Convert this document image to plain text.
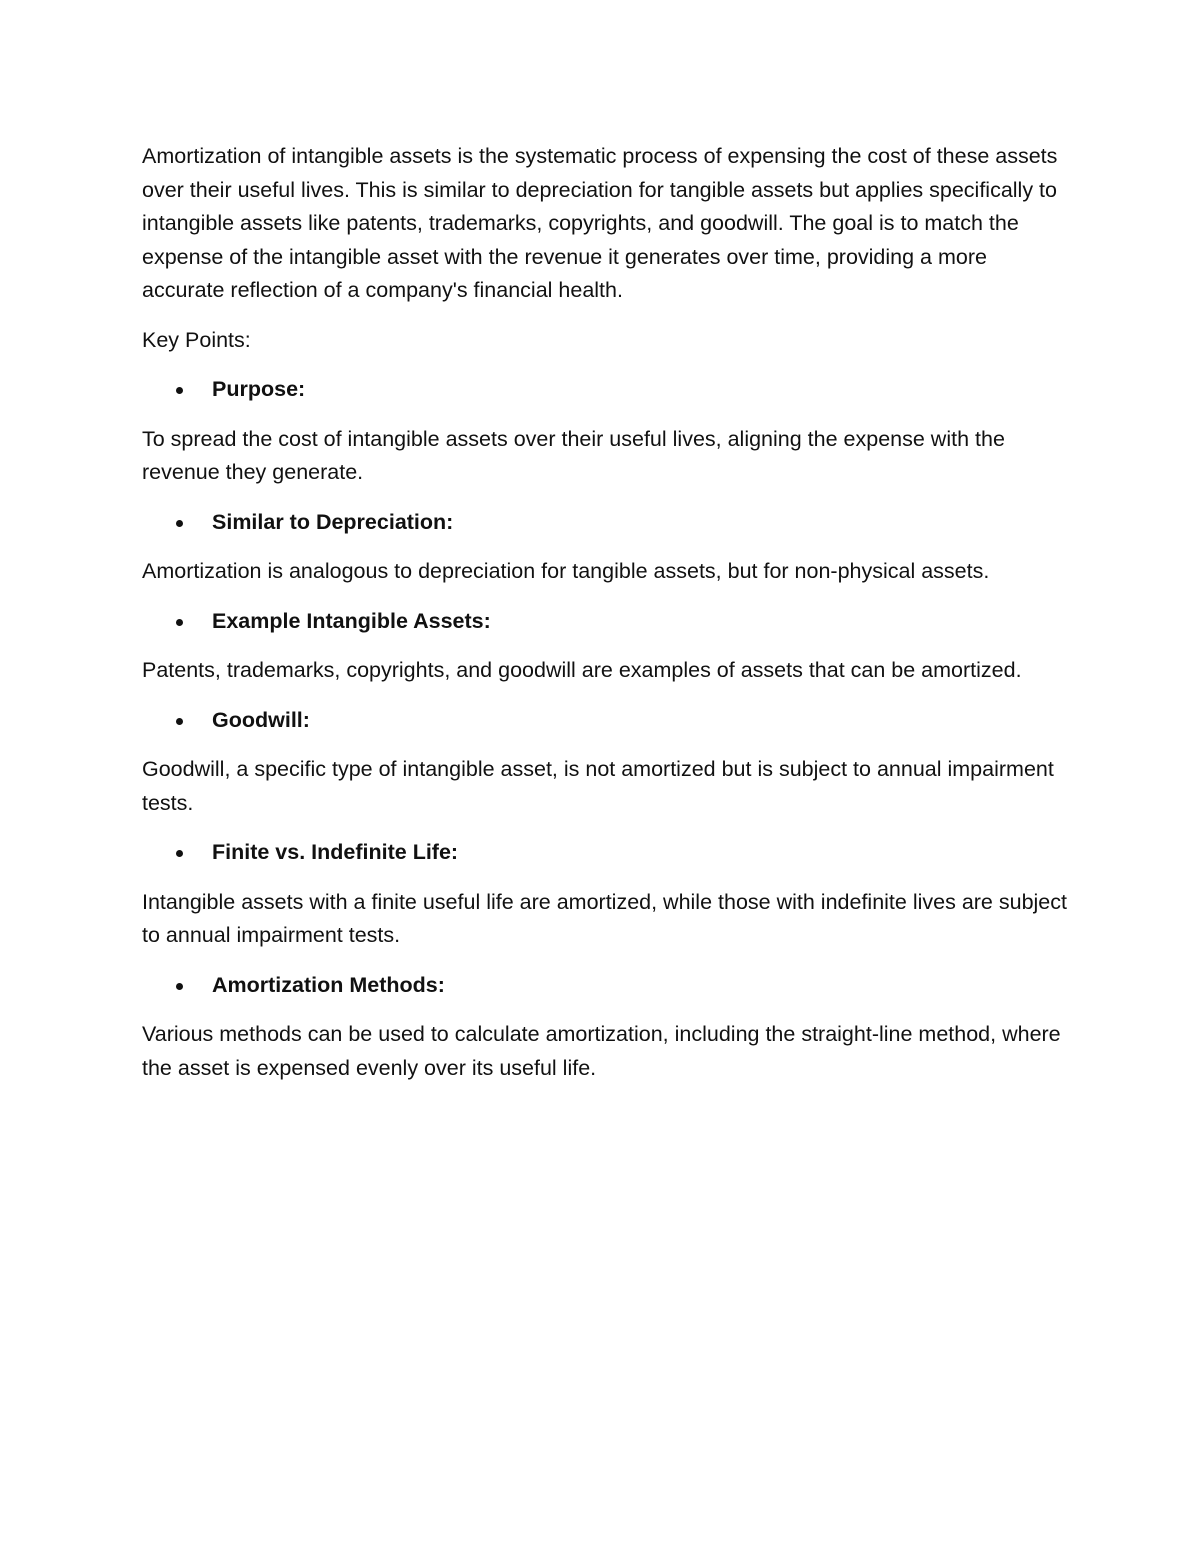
Amortization of intangible assets is the systematic process of expensing the cost of these assets over their useful lives. This is similar to depreciation for tangible assets but applies specifically to intangible assets like patents, trademarks, copyrights, and goodwill. The goal is to match the expense of the intangible asset with the revenue it generates over time, providing a more accurate reflection of a company's financial health.

Key Points:

Purpose:

To spread the cost of intangible assets over their useful lives, aligning the expense with the revenue they generate.

Similar to Depreciation:

Amortization is analogous to depreciation for tangible assets, but for non-physical assets.

Example Intangible Assets:

Patents, trademarks, copyrights, and goodwill are examples of assets that can be amortized.

Goodwill:

Goodwill, a specific type of intangible asset, is not amortized but is subject to annual impairment tests.

Finite vs. Indefinite Life:

Intangible assets with a finite useful life are amortized, while those with indefinite lives are subject to annual impairment tests.

Amortization Methods:

Various methods can be used to calculate amortization, including the straight-line method, where the asset is expensed evenly over its useful life.
